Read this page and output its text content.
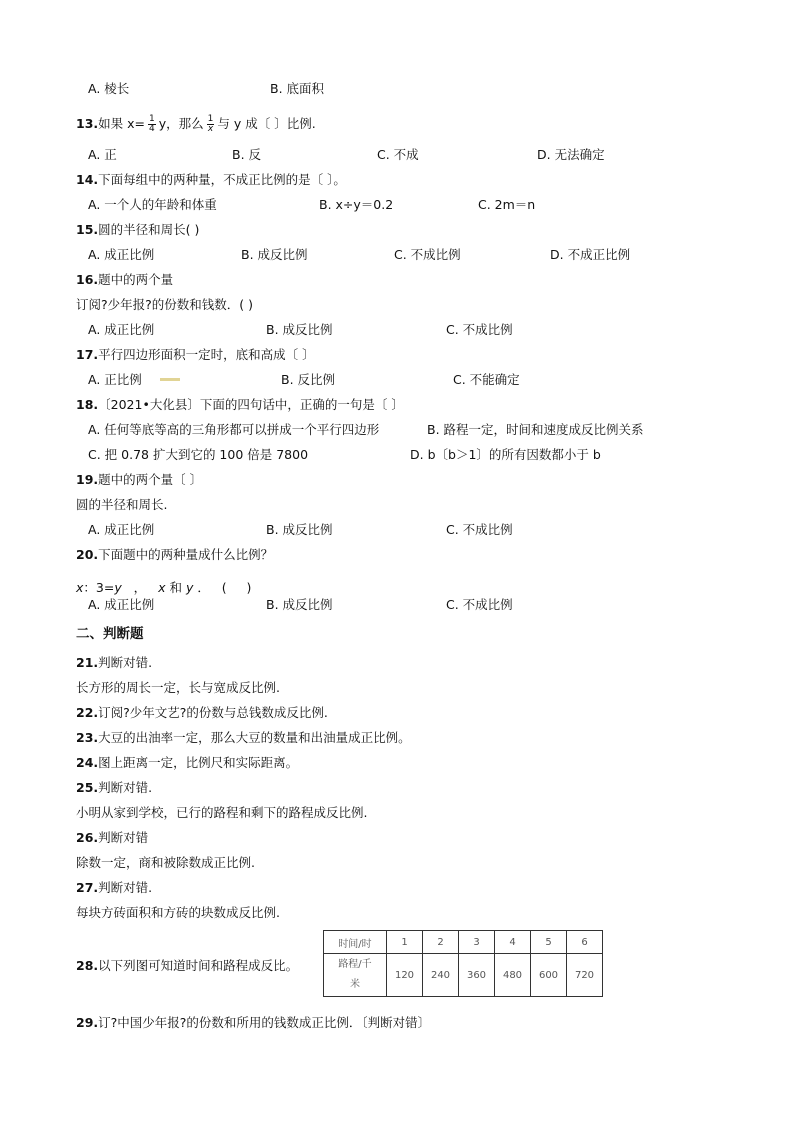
A. 棱长	B. 底面积
13.如果 $x= \frac{1}{4}$ y，那么 $\frac{1}{x}$ 与 y 成〔 〕比例.
A. 正	B. 反	C. 不成	D. 无法确定
14.下面每组中的两种量，不成正比例的是〔 〕。
A. 一个人的年龄和体重	B. x÷y＝0.2	C. 2m＝n
15.圆的半径和周长( )
A. 成正比例	B. 成反比例	C. 不成比例	D. 不成正比例
16.题中的两个量
订阅?少年报?的份数和钱数．( )
A. 成正比例	B. 成反比例	C. 不成比例
17.平行四边形面积一定时，底和高成〔 〕
A. 正比例	B. 反比例	C. 不能确定
18.〔2021•大化县〕下面的四句话中，正确的一句是〔 〕
A. 任何等底等高的三角形都可以拼成一个平行四边形	B. 路程一定，时间和速度成反比例关系
C. 把 0.78 扩大到它的 100 倍是 7800	D. b〔b＞1〕的所有因数都小于 b
19.题中的两个量〔 〕
圆的半径和周长.
A. 成正比例	B. 成反比例	C. 不成比例
20.下面题中的两种量成什么比例？
x：3=y   ，   x 和 y ．   (     )
A. 成正比例	B. 成反比例	C. 不成比例
二、判断题
21.判断对错.
长方形的周长一定，长与宽成反比例.
22.订阅?少年文艺?的份数与总钱数成反比例.
23.大豆的出油率一定，那么大豆的数量和出油量成正比例。
24.图上距离一定，比例尺和实际距离。
25.判断对错.
小明从家到学校，已行的路程和剩下的路程成反比例.
26.判断对错
除数一定，商和被除数成正比例.
27.判断对错.
每块方砖面积和方砖的块数成反比例.
28.以下列图可知道时间和路程成反比。
时间/时	1	2	3	4	5	6
路程/千
米	120	240	360	480	600	720
29.订?中国少年报?的份数和所用的钱数成正比例．〔判断对错〕
